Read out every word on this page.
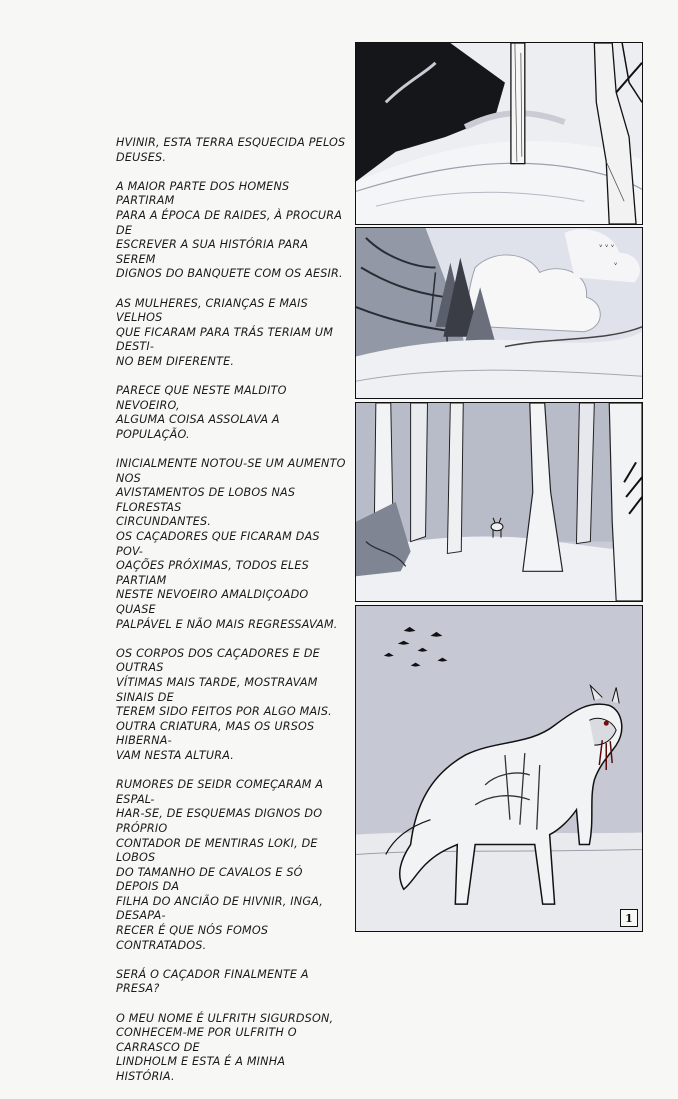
HVINIR, ESTA TERRA ESQUECIDA PELOS
DEUSES.

A MAIOR PARTE DOS HOMENS PARTIRAM
PARA A ÉPOCA DE RAIDES, À PROCURA DE
ESCREVER A SUA HISTÓRIA PARA SEREM
DIGNOS DO BANQUETE COM OS AESIR.

AS MULHERES, CRIANÇAS E MAIS VELHOS
QUE FICARAM PARA TRÁS TERIAM UM DESTI-
NO BEM DIFERENTE.

PARECE QUE NESTE MALDITO NEVOEIRO,
ALGUMA COISA ASSOLAVA A POPULAÇÃO.

INICIALMENTE NOTOU-SE UM AUMENTO NOS
AVISTAMENTOS DE LOBOS NAS FLORESTAS
CIRCUNDANTES.
OS CAÇADORES QUE FICARAM DAS POV-
OAÇÕES PRÓXIMAS, TODOS ELES PARTIAM
NESTE NEVOEIRO AMALDIÇOADO QUASE
PALPÁVEL E NÃO MAIS REGRESSAVAM.

OS CORPOS DOS CAÇADORES E DE OUTRAS
VÍTIMAS MAIS TARDE, MOSTRAVAM SINAIS DE
TEREM SIDO FEITOS POR ALGO MAIS.
OUTRA CRIATURA, MAS OS URSOS HIBERNA-
VAM NESTA ALTURA.

RUMORES DE SEIDR COMEÇARAM A ESPAL-
HAR-SE, DE ESQUEMAS DIGNOS DO PRÓPRIO
CONTADOR DE MENTIRAS LOKI, DE LOBOS
DO TAMANHO DE CAVALOS E SÓ DEPOIS DA
FILHA DO ANCIÃO DE HIVNIR, INGA, DESAPA-
RECER É QUE NÓS FOMOS CONTRATADOS.

SERÁ O CAÇADOR FINALMENTE A PRESA?

O MEU NOME É ULFRITH SIGURDSON,
CONHECEM-ME POR ULFRITH O CARRASCO DE
LINDHOLM E ESTA É A MINHA HISTÓRIA.

ᵛ ᵛ ᵛ
ᵛ
1
